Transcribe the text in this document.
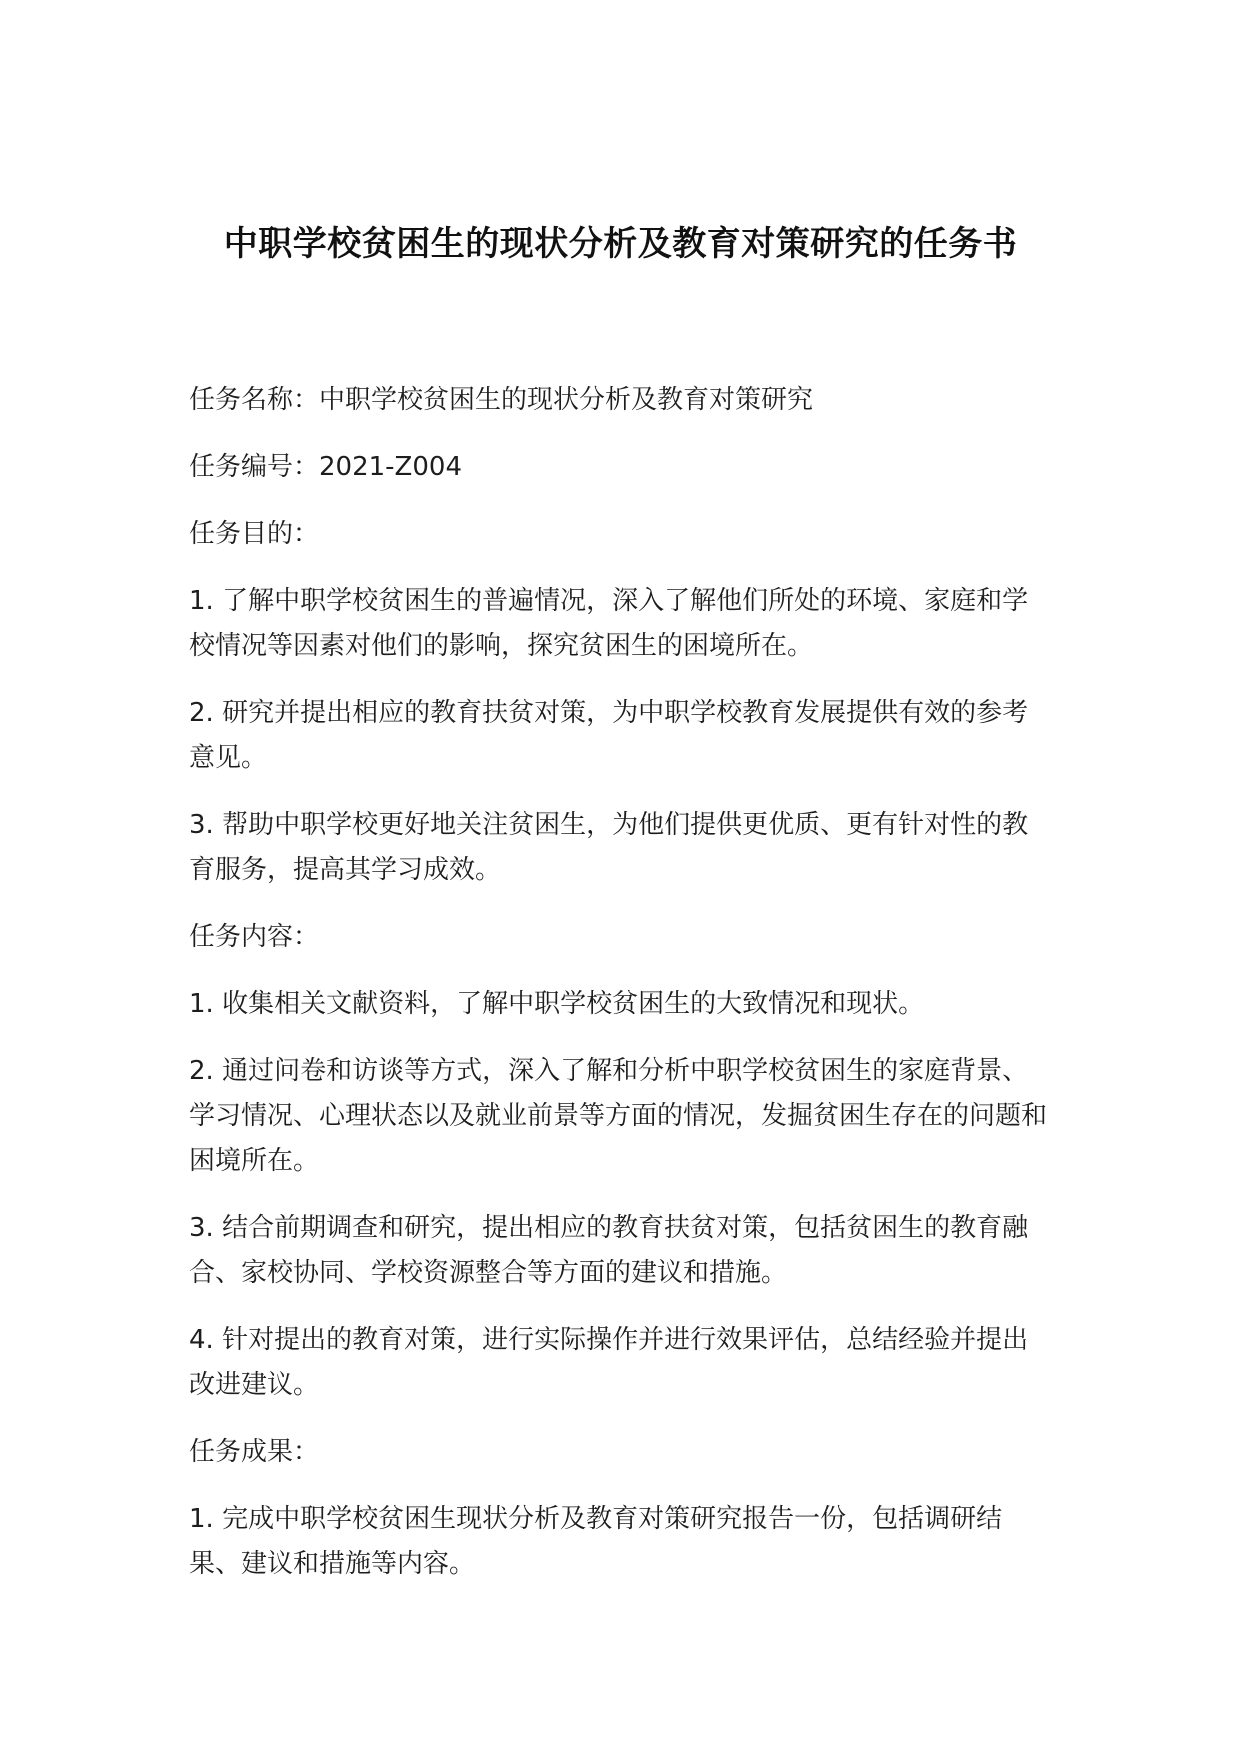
中职学校贫困生的现状分析及教育对策研究的任务书

任务名称：中职学校贫困生的现状分析及教育对策研究

任务编号：2021-Z004

任务目的：

1. 了解中职学校贫困生的普遍情况，深入了解他们所处的环境、家庭和学校情况等因素对他们的影响，探究贫困生的困境所在。

2. 研究并提出相应的教育扶贫对策，为中职学校教育发展提供有效的参考意见。

3. 帮助中职学校更好地关注贫困生，为他们提供更优质、更有针对性的教育服务，提高其学习成效。

任务内容：

1. 收集相关文献资料，了解中职学校贫困生的大致情况和现状。

2. 通过问卷和访谈等方式，深入了解和分析中职学校贫困生的家庭背景、学习情况、心理状态以及就业前景等方面的情况，发掘贫困生存在的问题和困境所在。

3. 结合前期调查和研究，提出相应的教育扶贫对策，包括贫困生的教育融合、家校协同、学校资源整合等方面的建议和措施。

4. 针对提出的教育对策，进行实际操作并进行效果评估，总结经验并提出改进建议。

任务成果：

1. 完成中职学校贫困生现状分析及教育对策研究报告一份，包括调研结果、建议和措施等内容。
